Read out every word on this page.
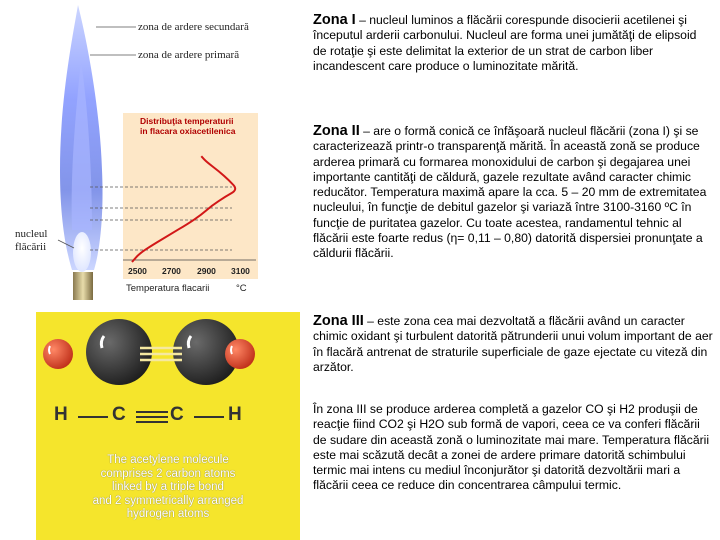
zona de ardere secundară
zona de ardere primară
nucleul
flăcării
Distribuţia temperaturii
in flacara oxiacetilenica
2500 2700 2900 3100
Temperatura flacarii	°C
H C C H
The acetylene molecule
comprises 2 carbon atoms
linked by a triple bond
and 2 symmetrically arranged
hydrogen atoms

Zona I – nucleul luminos a flăcării corespunde disocierii acetilenei şi începutul arderii carbonului. Nucleul are forma unei jumătăţi de elipsoid de rotaţie şi este delimitat la exterior de un strat de carbon liber incandescent care produce o luminozitate mărită.

Zona II – are o formă conică ce înfăşoară nucleul flăcării (zona I) şi se caracterizează printr-o transparenţă mărită. În această zonă se produce arderea primară cu formarea monoxidului de carbon şi degajarea unei importante cantităţi de căldură, gazele rezultate având caracter chimic reducător. Temperatura maximă apare la cca. 5 – 20 mm de extremitatea nucleului, în funcţie de debitul gazelor şi variază între 3100-3160 ºC în funcţie de puritatea gazelor. Cu toate acestea, randamentul tehnic al flăcării este foarte redus (η= 0,11 – 0,80) datorită dispersiei pronunţate a căldurii flăcării.

Zona III – este zona cea mai dezvoltată a flăcării având un caracter chimic oxidant şi turbulent datorită pătrunderii unui volum important de aer în flacără antrenat de straturile superficiale de gaze ejectate cu viteză din arzător.

În zona III se produce arderea completă a gazelor CO şi H2 produşii de reacţie fiind CO2 şi H2O sub formă de vapori, ceea ce va conferi flăcării de sudare din această zonă o luminozitate mai mare. Temperatura flăcării este mai scăzută decât a zonei de ardere primare datorită schimbului termic mai intens cu mediul înconjurător şi datorită dezvoltării mari a flăcării ceea ce reduce din concentrarea câmpului termic.
